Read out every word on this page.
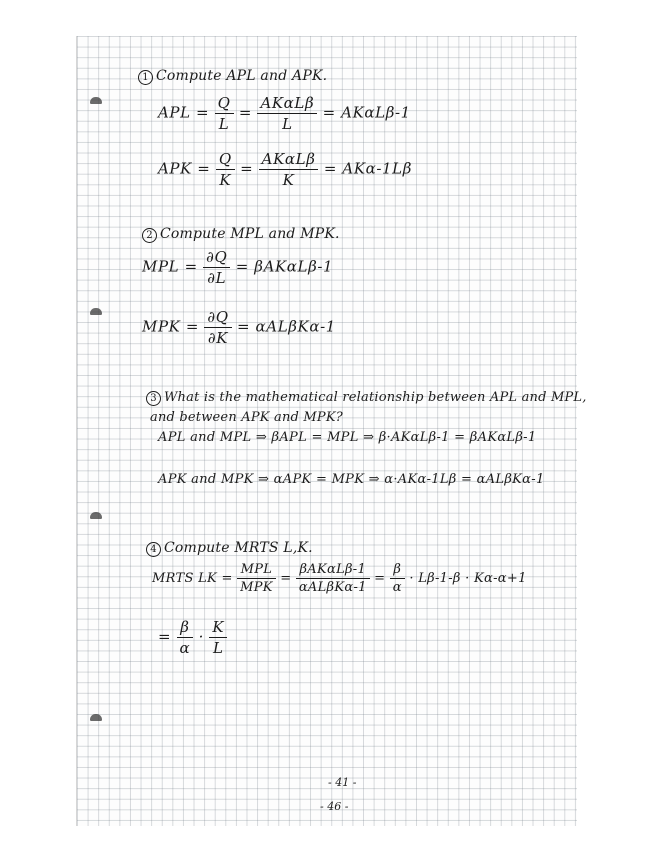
1 Compute APL and APK.
APL = $\frac{Q}{L} = \frac{\text{AKαLβ}}{L} = AK\alpha L\beta-1$
APK = $\frac{Q}{K} = \frac{\text{AKαLβ}}{K} = AK\alpha-1L\beta$
2 Compute MPL and MPK.
MPL = $\frac{\partial Q}{\partial L} = \beta AK\alpha L\beta-1$
MPK = $\frac{\partial Q}{\partial K} = \alpha AL\beta K\alpha-1$
3 What is the mathematical relationship between APL and MPL,
and between APK and MPK?
APL and MPL ⇒ βAPL = MPL ⇒ β·AKαLβ-1 = βAKαLβ-1
APK and MPK ⇒ αAPK = MPK ⇒ α·AKα-1Lβ = αALβKα-1
4 Compute MRTS L,K.
MRTS LK = $\frac{\text{MPL}}{\text{MPK}} = \frac{\text{βAKαLβ-1}}{\text{αALβKα-1}} = \frac{\beta}{\alpha} \cdot L\beta-1-\beta \cdot K\alpha-\alpha+1$
= $\frac{\beta}{\alpha} \cdot \frac{K}{L}$
- 41 -
- 46 -
